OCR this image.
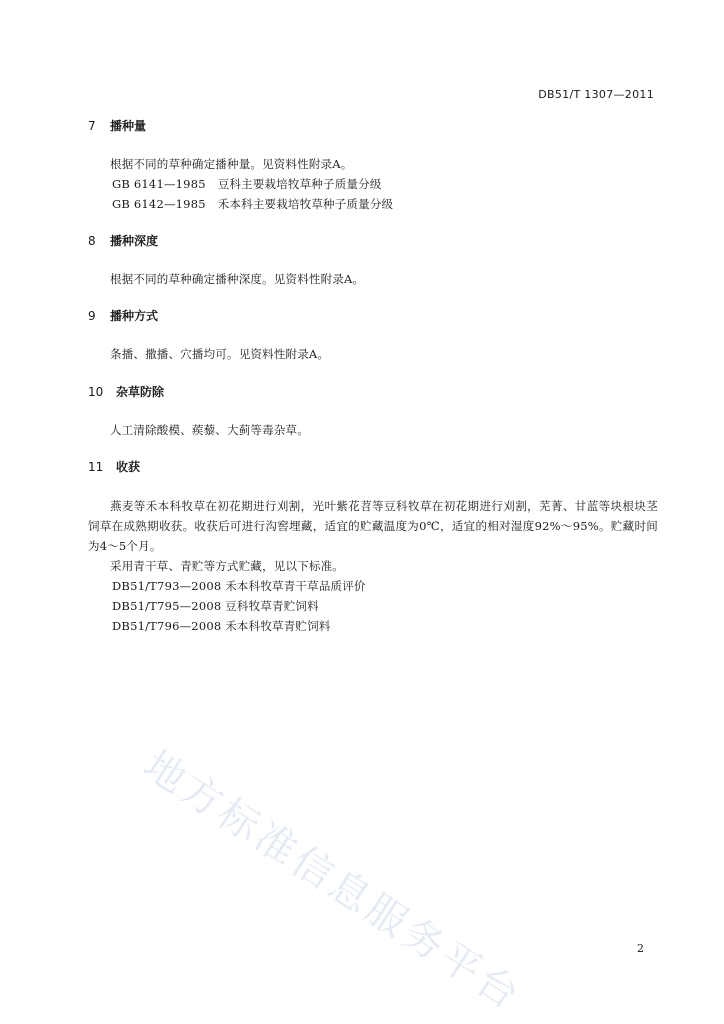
DB51/T 1307—2011
7 播种量
根据不同的草种确定播种量。见资料性附录A。
GB 6141—1985 豆科主要栽培牧草种子质量分级
GB 6142—1985 禾本科主要栽培牧草种子质量分级
8 播种深度
根据不同的草种确定播种深度。见资料性附录A。
9 播种方式
条播、撒播、穴播均可。见资料性附录A。
10 杂草防除
人工清除酸模、蒺藜、大蓟等毒杂草。
11 收获
燕麦等禾本科牧草在初花期进行刈割，光叶紫花苕等豆科牧草在初花期进行刈割，芜菁、甘蓝等块根块茎饲草在成熟期收获。收获后可进行沟窖埋藏，适宜的贮藏温度为0℃，适宜的相对湿度92%～95%。贮藏时间为4～5个月。
采用青干草、青贮等方式贮藏，见以下标准。
DB51/T793—2008 禾本科牧草青干草品质评价
DB51/T795—2008 豆科牧草青贮饲料
DB51/T796—2008 禾本科牧草青贮饲料
地方标准信息服务平台	2
